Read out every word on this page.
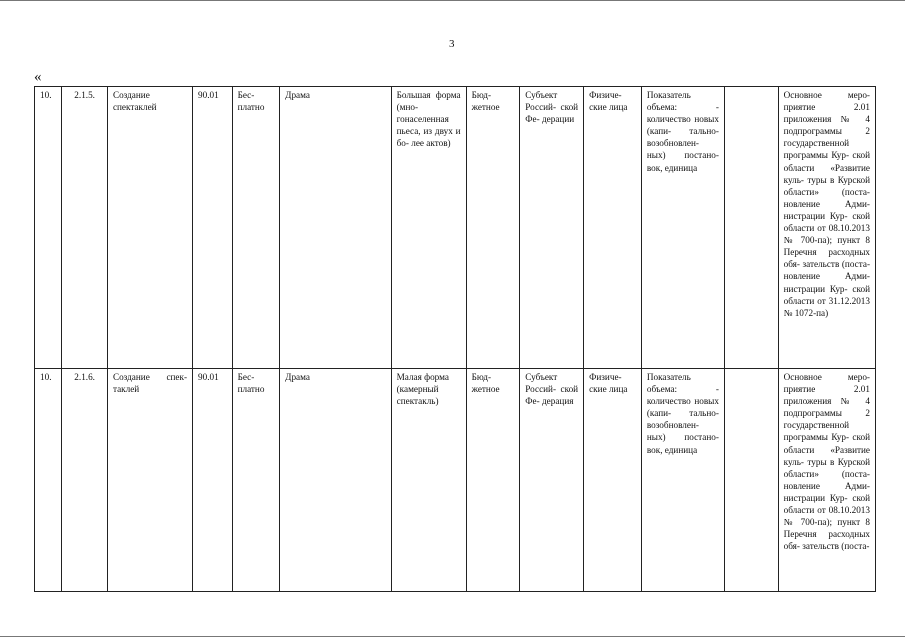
3
«
10.	2.1.5.	Создание спектаклей	90.01	Бес- платно	Драма	Большая форма (мно- гонаселенная пьеса, из двух и бо- лее актов)	Бюд- жетное	Субъект Россий- ской Фе- дерации	Физиче- ские лица	Показатель объема: - количество новых (капи- тально- возобновлен- ных) постано- вок, единица		Основное меро- приятие 2.01 приложения № 4 подпрограммы 2 государственной программы Кур- ской области «Развитие куль- туры в Курской области» (поста- новление Адми- нистрации Кур- ской области от 08.10.2013 № 700-па); пункт 8 Перечня расходных обя- зательств (поста- новление Адми- нистрации Кур- ской области от 31.12.2013 № 1072-па)
10.	2.1.6.	Создание спек- таклей	90.01	Бес- платно	Драма	Малая форма (камерный спектакль)	Бюд- жетное	Субъект Россий- ской Фе- дерация	Физиче- ские лица	Показатель объема: - количество новых (капи- тально- возобновлен- ных) постано- вок, единица		Основное меро- приятие 2.01 приложения № 4 подпрограммы 2 государственной программы Кур- ской области «Развитие куль- туры в Курской области» (поста- новление Адми- нистрации Кур- ской области от 08.10.2013 № 700-па); пункт 8 Перечня расходных обя- зательств (поста-
